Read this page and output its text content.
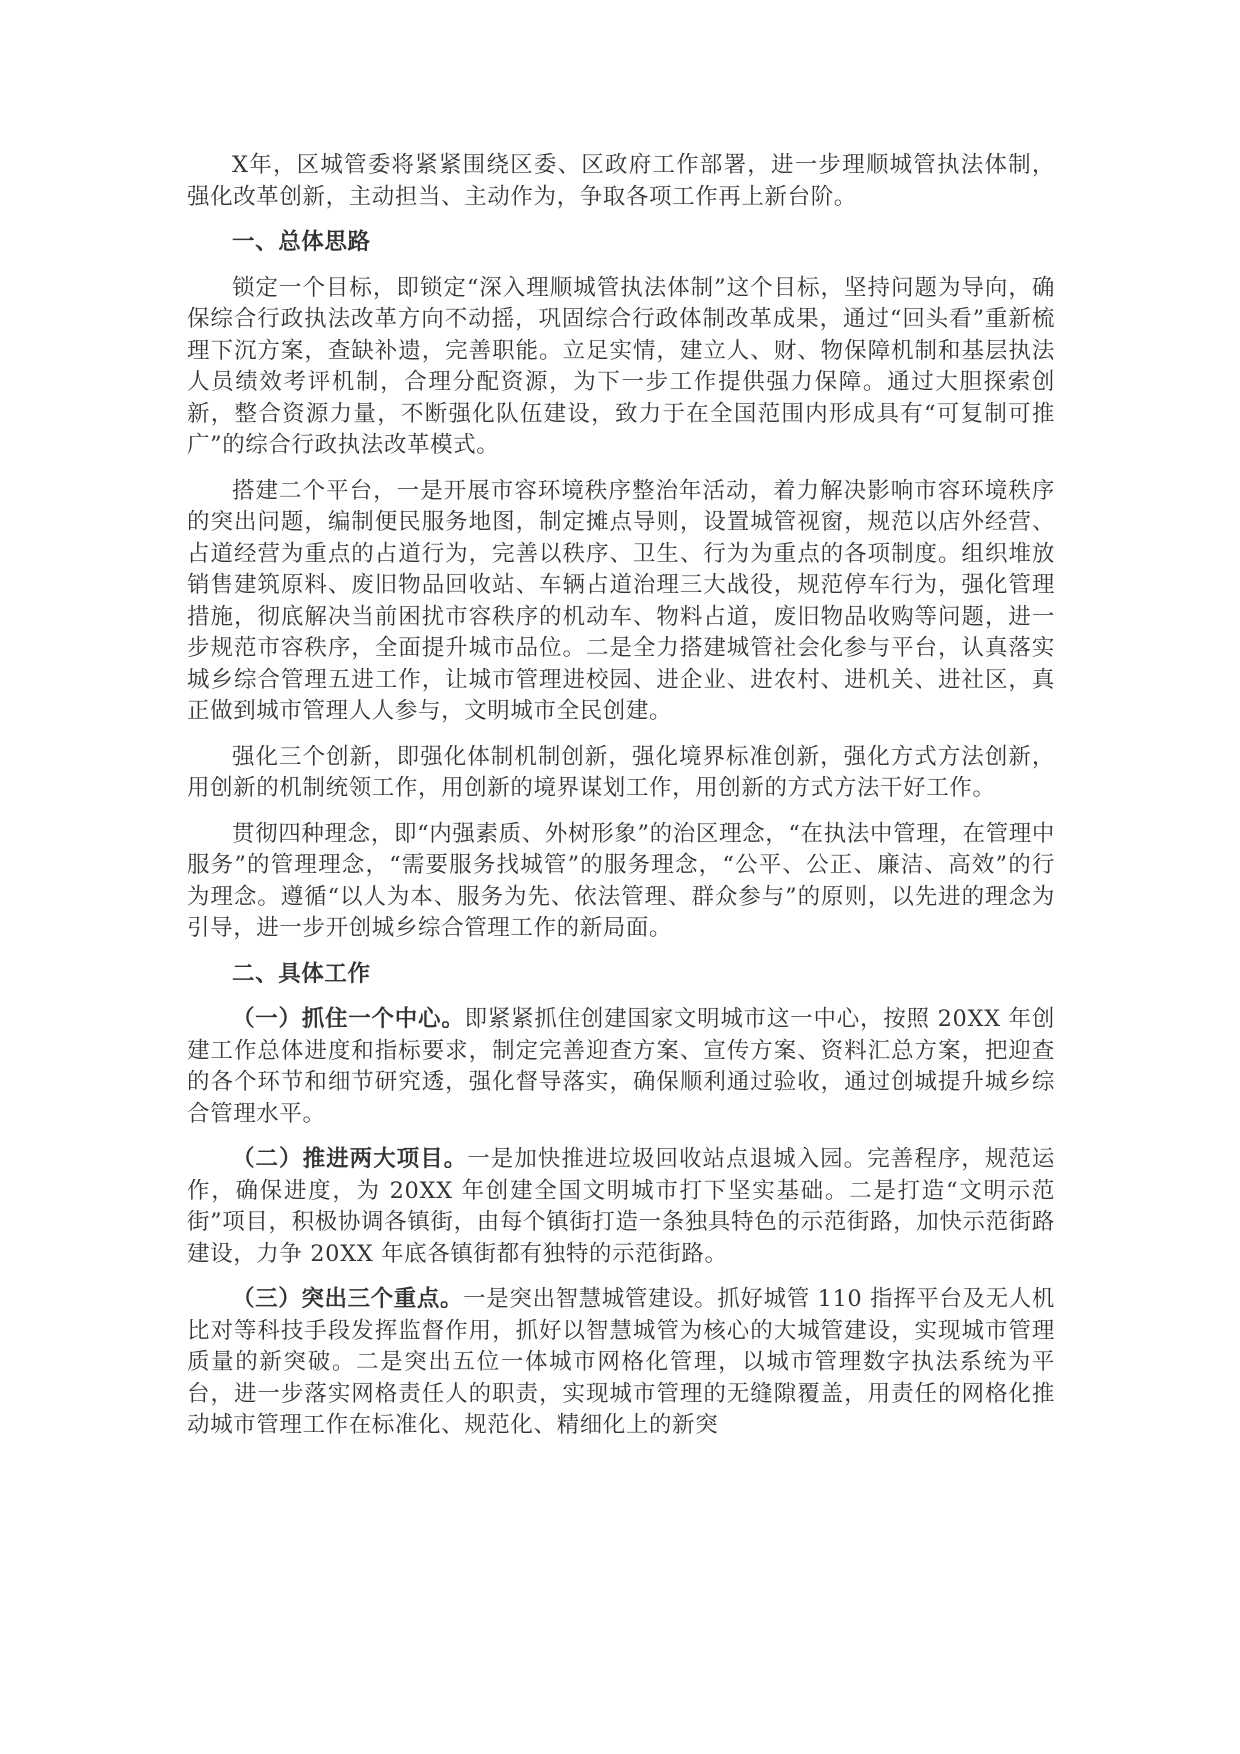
X年，区城管委将紧紧围绕区委、区政府工作部署，进一步理顺城管执法体制，强化改革创新，主动担当、主动作为，争取各项工作再上新台阶。

一、总体思路

锁定一个目标，即锁定“深入理顺城管执法体制”这个目标，坚持问题为导向，确保综合行政执法改革方向不动摇，巩固综合行政体制改革成果，通过“回头看”重新梳理下沉方案，查缺补遗，完善职能。立足实情，建立人、财、物保障机制和基层执法人员绩效考评机制，合理分配资源，为下一步工作提供强力保障。通过大胆探索创新，整合资源力量，不断强化队伍建设，致力于在全国范围内形成具有“可复制可推广”的综合行政执法改革模式。

搭建二个平台，一是开展市容环境秩序整治年活动，着力解决影响市容环境秩序的突出问题，编制便民服务地图，制定摊点导则，设置城管视窗，规范以店外经营、占道经营为重点的占道行为，完善以秩序、卫生、行为为重点的各项制度。组织堆放销售建筑原料、废旧物品回收站、车辆占道治理三大战役，规范停车行为，强化管理措施，彻底解决当前困扰市容秩序的机动车、物料占道，废旧物品收购等问题，进一步规范市容秩序，全面提升城市品位。二是全力搭建城管社会化参与平台，认真落实城乡综合管理五进工作，让城市管理进校园、进企业、进农村、进机关、进社区，真正做到城市管理人人参与，文明城市全民创建。

强化三个创新，即强化体制机制创新，强化境界标准创新，强化方式方法创新，用创新的机制统领工作，用创新的境界谋划工作，用创新的方式方法干好工作。

贯彻四种理念，即“内强素质、外树形象”的治区理念，“在执法中管理，在管理中服务”的管理理念，“需要服务找城管”的服务理念，“公平、公正、廉洁、高效”的行为理念。遵循“以人为本、服务为先、依法管理、群众参与”的原则，以先进的理念为引导，进一步开创城乡综合管理工作的新局面。

二、具体工作

（一）抓住一个中心。即紧紧抓住创建国家文明城市这一中心，按照 20XX 年创建工作总体进度和指标要求，制定完善迎查方案、宣传方案、资料汇总方案，把迎查的各个环节和细节研究透，强化督导落实，确保顺利通过验收，通过创城提升城乡综合管理水平。

（二）推进两大项目。一是加快推进垃圾回收站点退城入园。完善程序，规范运作，确保进度，为 20XX 年创建全国文明城市打下坚实基础。二是打造“文明示范街”项目，积极协调各镇街，由每个镇街打造一条独具特色的示范街路，加快示范街路建设，力争 20XX 年底各镇街都有独特的示范街路。

（三）突出三个重点。一是突出智慧城管建设。抓好城管 110 指挥平台及无人机比对等科技手段发挥监督作用，抓好以智慧城管为核心的大城管建设，实现城市管理质量的新突破。二是突出五位一体城市网格化管理，以城市管理数字执法系统为平台，进一步落实网格责任人的职责，实现城市管理的无缝隙覆盖，用责任的网格化推动城市管理工作在标准化、规范化、精细化上的新突
